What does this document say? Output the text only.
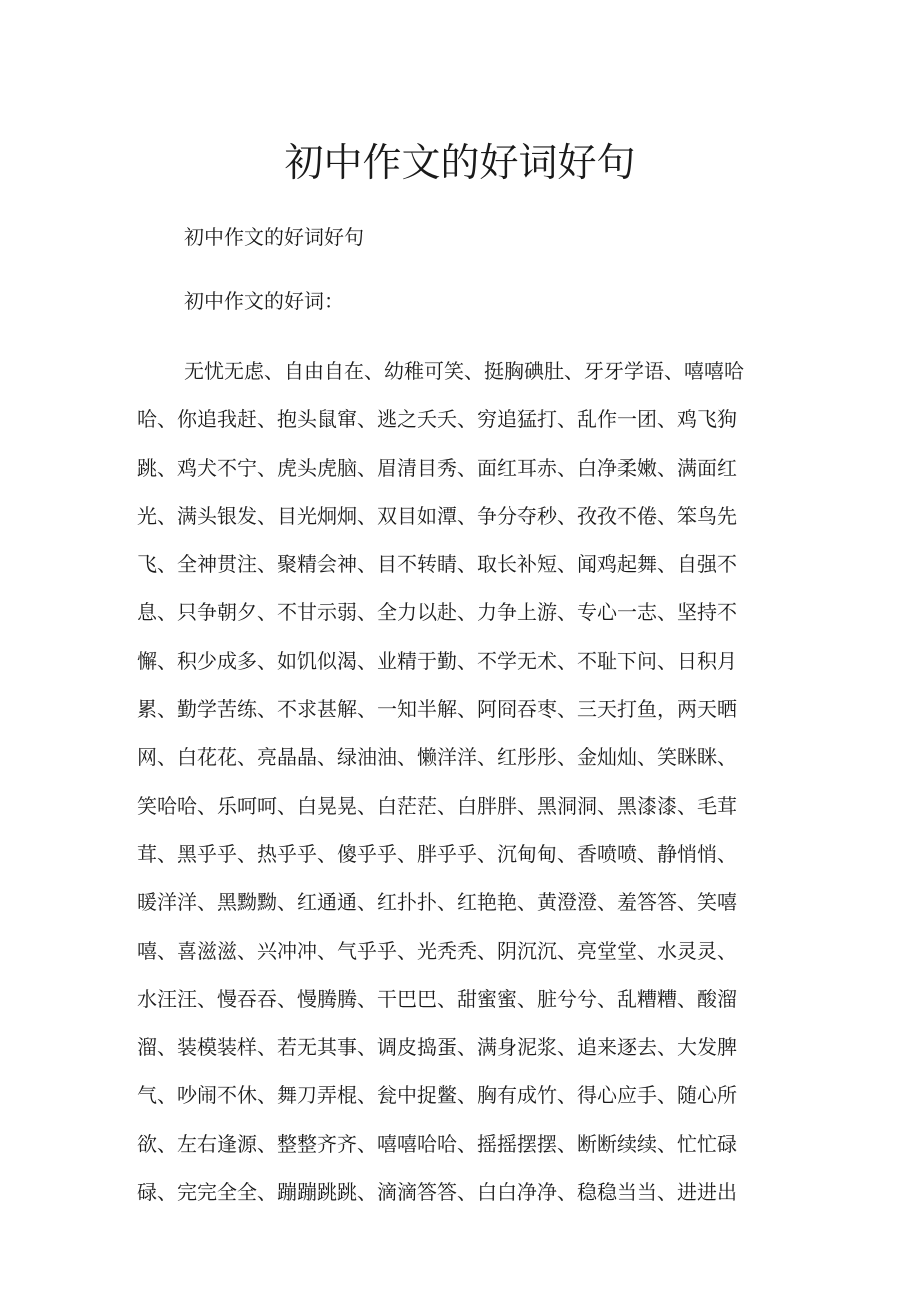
初中作文的好词好句

初中作文的好词好句

初中作文的好词：

无忧无虑、自由自在、幼稚可笑、挺胸碘肚、牙牙学语、嘻嘻哈
哈、你追我赶、抱头鼠窜、逃之夭夭、穷追猛打、乱作一团、鸡飞狗
跳、鸡犬不宁、虎头虎脑、眉清目秀、面红耳赤、白净柔嫩、满面红
光、满头银发、目光炯炯、双目如潭、争分夺秒、孜孜不倦、笨鸟先
飞、全神贯注、聚精会神、目不转睛、取长补短、闻鸡起舞、自强不
息、只争朝夕、不甘示弱、全力以赴、力争上游、专心一志、坚持不
懈、积少成多、如饥似渴、业精于勤、不学无术、不耻下问、日积月
累、勤学苦练、不求甚解、一知半解、阿冏吞枣、三天打鱼，两天晒
网、白花花、亮晶晶、绿油油、懒洋洋、红彤彤、金灿灿、笑眯眯、
笑哈哈、乐呵呵、白晃晃、白茫茫、白胖胖、黑洞洞、黑漆漆、毛茸
茸、黑乎乎、热乎乎、傻乎乎、胖乎乎、沉甸甸、香喷喷、静悄悄、
暖洋洋、黑黝黝、红通通、红扑扑、红艳艳、黄澄澄、羞答答、笑嘻
嘻、喜滋滋、兴冲冲、气乎乎、光秃秃、阴沉沉、亮堂堂、水灵灵、
水汪汪、慢吞吞、慢腾腾、干巴巴、甜蜜蜜、脏兮兮、乱糟糟、酸溜
溜、装模装样、若无其事、调皮捣蛋、满身泥浆、追来逐去、大发脾
气、吵闹不休、舞刀弄棍、瓮中捉鳖、胸有成竹、得心应手、随心所
欲、左右逢源、整整齐齐、嘻嘻哈哈、摇摇摆摆、断断续续、忙忙碌
碌、完完全全、蹦蹦跳跳、滴滴答答、白白净净、稳稳当当、进进出
